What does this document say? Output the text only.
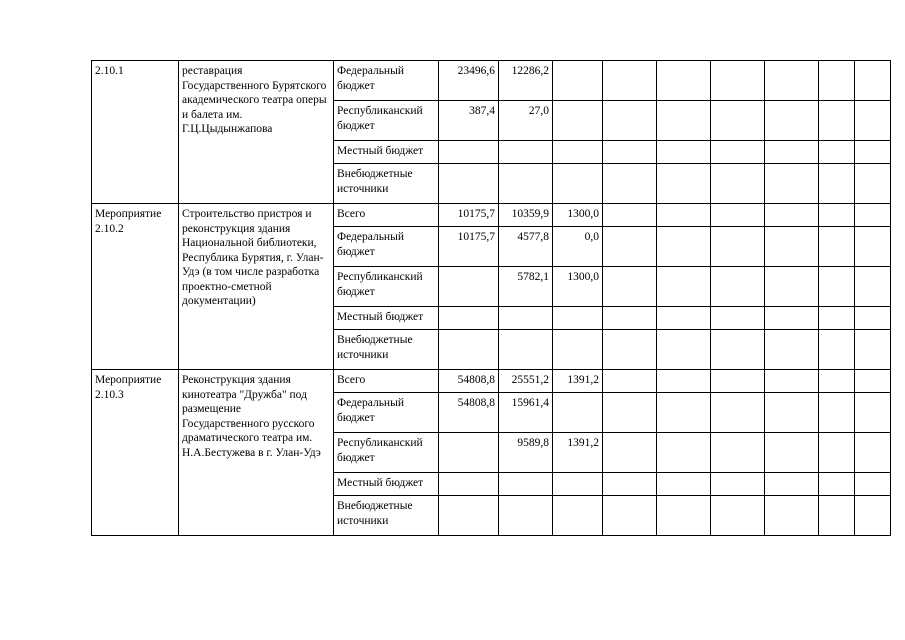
2.10.1	реставрация Государственного Бурятского академического театра оперы и балета им. Г.Ц.Цыдынжапова	Федеральный бюджет	23496,6	12286,2							
		Республиканский бюджет	387,4	27,0							
		Местный бюджет									
		Внебюджетные источники									
Мероприятие 2.10.2	Строительство пристроя и реконструкция здания Национальной библиотеки, Республика Бурятия, г. Улан-Удэ (в том числе разработка проектно-сметной документации)	Всего	10175,7	10359,9	1300,0						
		Федеральный бюджет	10175,7	4577,8	0,0						
		Республиканский бюджет		5782,1	1300,0						
		Местный бюджет									
		Внебюджетные источники									
Мероприятие 2.10.3	Реконструкция здания кинотеатра "Дружба" под размещение Государственного русского драматического театра им. Н.А.Бестужева в г. Улан-Удэ	Всего	54808,8	25551,2	1391,2						
		Федеральный бюджет	54808,8	15961,4							
		Республиканский бюджет		9589,8	1391,2						
		Местный бюджет									
		Внебюджетные источники									
